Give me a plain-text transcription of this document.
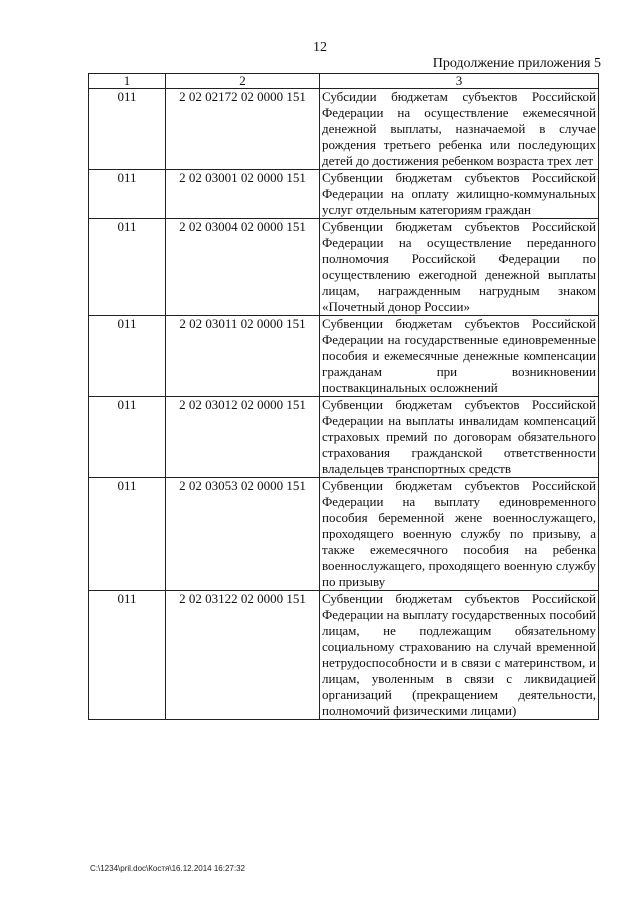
12
Продолжение приложения 5
1	2	3
011	2 02 02172 02 0000 151	Субсидии бюджетам субъектов Российской Федерации на осуществление ежемесячной денежной выплаты, назначаемой в случае рождения третьего ребенка или последующих детей до достижения ребенком возраста трех лет
011	2 02 03001 02 0000 151	Субвенции бюджетам субъектов Российской Федерации на оплату жилищно-коммунальных услуг отдельным категориям граждан
011	2 02 03004 02 0000 151	Субвенции бюджетам субъектов Российской Федерации на осуществление переданного полномочия Российской Федерации по осуществлению ежегодной денежной выплаты лицам, награжденным нагрудным знаком «Почетный донор России»
011	2 02 03011 02 0000 151	Субвенции бюджетам субъектов Российской Федерации на государственные единовременные пособия и ежемесячные денежные компенсации гражданам при возникновении поствакцинальных осложнений
011	2 02 03012 02 0000 151	Субвенции бюджетам субъектов Российской Федерации на выплаты инвалидам компенсаций страховых премий по договорам обязательного страхования гражданской ответственности владельцев транспортных средств
011	2 02 03053 02 0000 151	Субвенции бюджетам субъектов Российской Федерации на выплату единовременного пособия беременной жене военнослужащего, проходящего военную службу по призыву, а также ежемесячного пособия на ребенка военнослужащего, проходящего военную службу по призыву
011	2 02 03122 02 0000 151	Субвенции бюджетам субъектов Российской Федерации на выплату государственных пособий лицам, не подлежащим обязательному социальному страхованию на случай временной нетрудоспособности и в связи с материнством, и лицам, уволенным в связи с ликвидацией организаций (прекращением деятельности, полномочий физическими лицами)
C:\1234\pril.doc\Костя\16.12.2014 16:27:32
